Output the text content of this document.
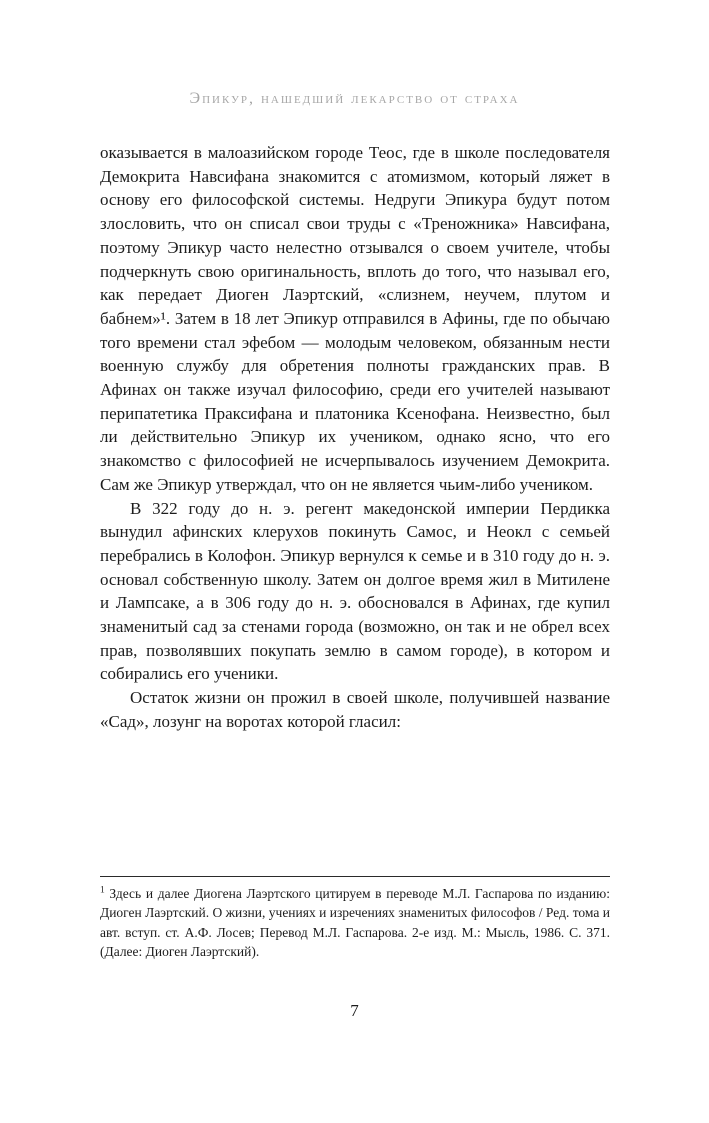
Эпикур, нашедший лекарство от страха

оказывается в малоазийском городе Теос, где в школе последователя Демокрита Навсифана знакомится с атомизмом, который ляжет в основу его философской системы. Недруги Эпикура будут потом злословить, что он списал свои труды с «Треножника» Навсифана, поэтому Эпикур часто нелестно отзывался о своем учителе, чтобы подчеркнуть свою оригинальность, вплоть до того, что называл его, как передает Диоген Лаэртский, «слизнем, неучем, плутом и бабнем»¹. Затем в 18 лет Эпикур отправился в Афины, где по обычаю того времени стал эфебом — молодым человеком, обязанным нести военную службу для обретения полноты гражданских прав. В Афинах он также изучал философию, среди его учителей называют перипатетика Праксифана и платоника Ксенофана. Неизвестно, был ли действительно Эпикур их учеником, однако ясно, что его знакомство с философией не исчерпывалось изучением Демокрита. Сам же Эпикур утверждал, что он не является чьим-либо учеником.

В 322 году до н. э. регент македонской империи Пердикка вынудил афинских клерухов покинуть Самос, и Неокл с семьей перебрались в Колофон. Эпикур вернулся к семье и в 310 году до н. э. основал собственную школу. Затем он долгое время жил в Митилене и Лампсаке, а в 306 году до н. э. обосновался в Афинах, где купил знаменитый сад за стенами города (возможно, он так и не обрел всех прав, позволявших покупать землю в самом городе), в котором и собирались его ученики.

Остаток жизни он прожил в своей школе, получившей название «Сад», лозунг на воротах которой гласил:

$^1$ Здесь и далее Диогена Лаэртского цитируем в переводе М.Л. Гаспарова по изданию: Диоген Лаэртский. О жизни, учениях и изречениях знаменитых философов / Ред. тома и авт. вступ. ст. А.Ф. Лосев; Перевод М.Л. Гаспарова. 2-е изд. М.: Мысль, 1986. С. 371. (Далее: Диоген Лаэртский).

7
